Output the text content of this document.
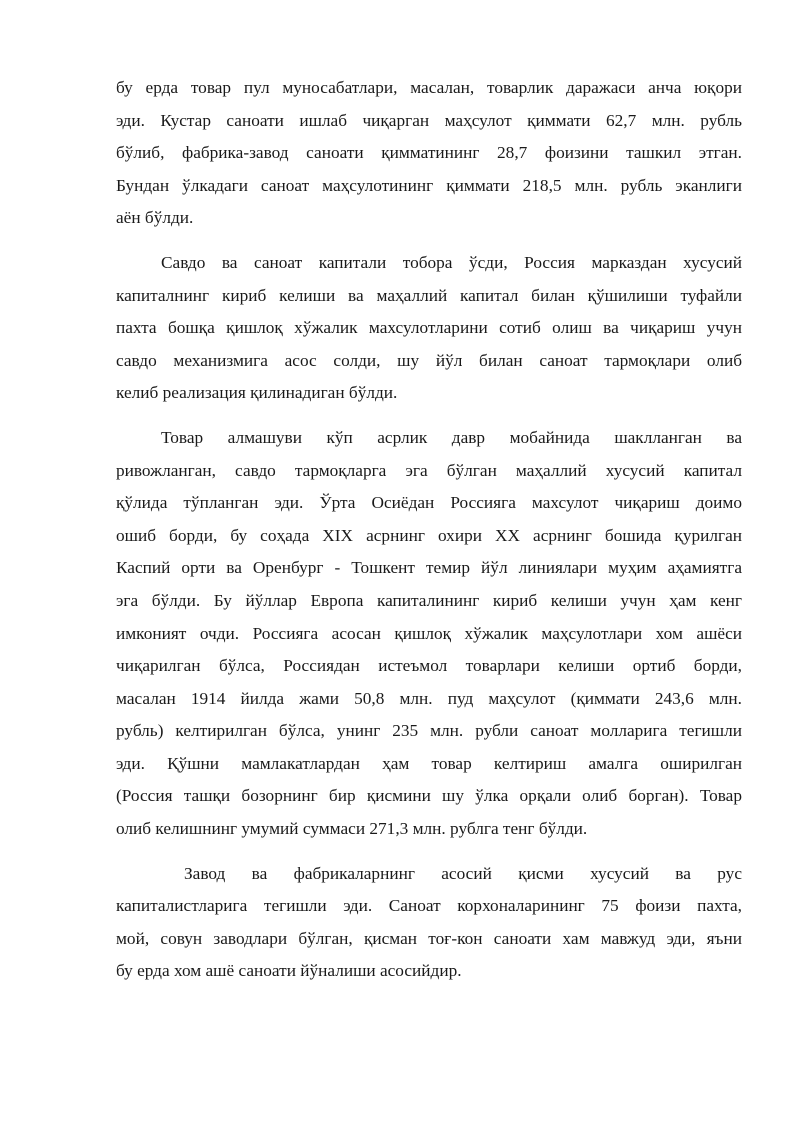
бу ерда товар пул муносабатлари, масалан, товарлик даражаси анча юқори
эди. Кустар саноати ишлаб чиқарган маҳсулот қиммати 62,7 млн. рубль
бўлиб, фабрика-завод саноати қимматининг 28,7 фоизини ташкил этган.
Бундан ўлкадаги саноат маҳсулотининг қиммати 218,5 млн. рубль эканлиги
аён бўлди.
Савдо ва саноат капитали тобора ўсди, Россия марказдан хусусий
капиталнинг кириб келиши ва маҳаллий капитал билан қўшилиши туфайли
пахта бошқа қишлоқ хўжалик махсулотларини сотиб олиш ва чиқариш учун
савдо механизмига асос солди, шу йўл билан саноат тармоқлари олиб
келиб реализация қилинадиган бўлди.
Товар алмашуви кўп асрлик давр мобайнида шаклланган ва
ривожланган, савдо тармоқларга эга бўлган маҳаллий хусусий капитал
қўлида тўпланган эди. Ўрта Осиёдан Россияга махсулот чиқариш доимо
ошиб борди, бу соҳада XIX асрнинг охири XX асрнинг бошида қурилган
Каспий орти ва Оренбург - Тошкент темир йўл линиялари муҳим аҳамиятга
эга бўлди. Бу йўллар Европа капиталининг кириб келиши учун ҳам кенг
имконият очди. Россияга асосан қишлоқ хўжалик маҳсулотлари хом ашёси
чиқарилган бўлса, Россиядан истеъмол товарлари келиши ортиб борди,
масалан 1914 йилда жами 50,8 млн. пуд маҳсулот (қиммати 243,6 млн.
рубль) келтирилган бўлса, унинг 235 млн. рубли саноат молларига тегишли
эди. Қўшни мамлакатлардан ҳам товар келтириш амалга оширилган
(Россия ташқи бозорнинг бир қисмини шу ўлка орқали олиб борган). Товар
олиб келишнинг умумий суммаси 271,3 млн. рублга тенг бўлди.
Завод ва фабрикаларнинг асосий қисми хусусий ва рус
капиталистларига тегишли эди. Саноат корхоналарининг 75 фоизи пахта,
мой, совун заводлари бўлган, қисман тоғ-кон саноати хам мавжуд эди, яъни
бу ерда хом ашё саноати йўналиши асосийдир.
